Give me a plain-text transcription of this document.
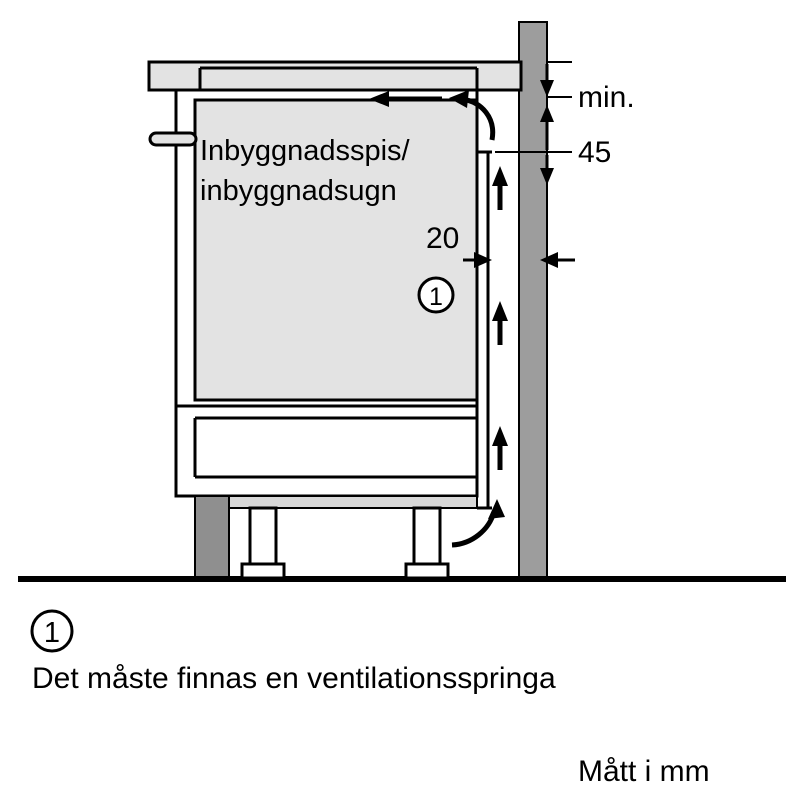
min.
45
20
1
Inbyggnadsspis/
inbyggnadsugn
1
Det måste finnas en ventilationsspringa
Mått i mm
